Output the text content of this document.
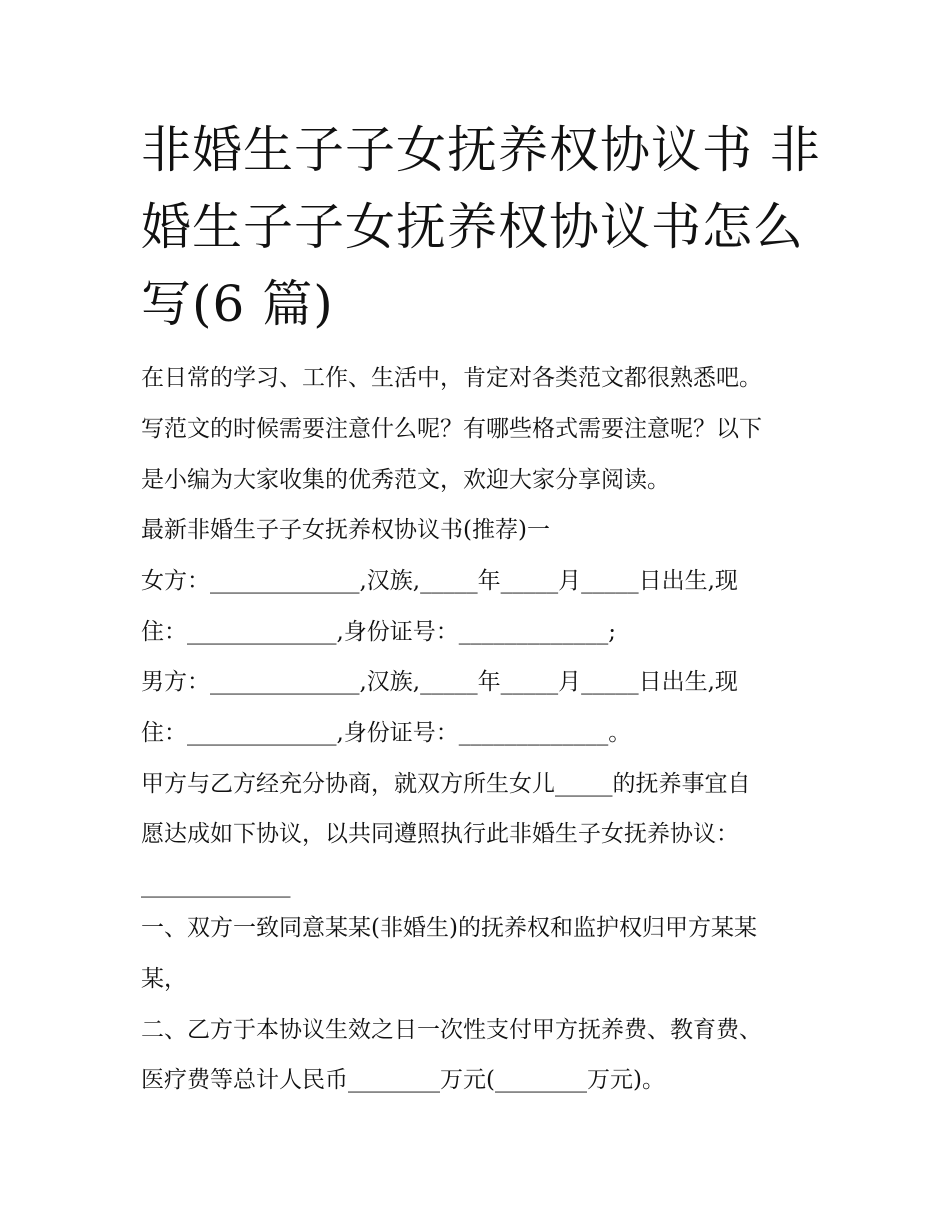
非婚生子子女抚养权协议书 非
婚生子子女抚养权协议书怎么
写(6 篇)

在日常的学习、工作、生活中，肯定对各类范文都很熟悉吧。

写范文的时候需要注意什么呢？有哪些格式需要注意呢？以下

是小编为大家收集的优秀范文，欢迎大家分享阅读。

最新非婚生子子女抚养权协议书(推荐)一

女方：_____________,汉族,_____年_____月_____日出生,现

住：_____________,身份证号：_____________;

男方：_____________,汉族,_____年_____月_____日出生,现

住：_____________,身份证号：_____________。

甲方与乙方经充分协商，就双方所生女儿_____的抚养事宜自

愿达成如下协议，以共同遵照执行此非婚生子女抚养协议：

_____________

一、双方一致同意某某(非婚生)的抚养权和监护权归甲方某某

某，

二、乙方于本协议生效之日一次性支付甲方抚养费、教育费、

医疗费等总计人民币________万元(________万元)。
